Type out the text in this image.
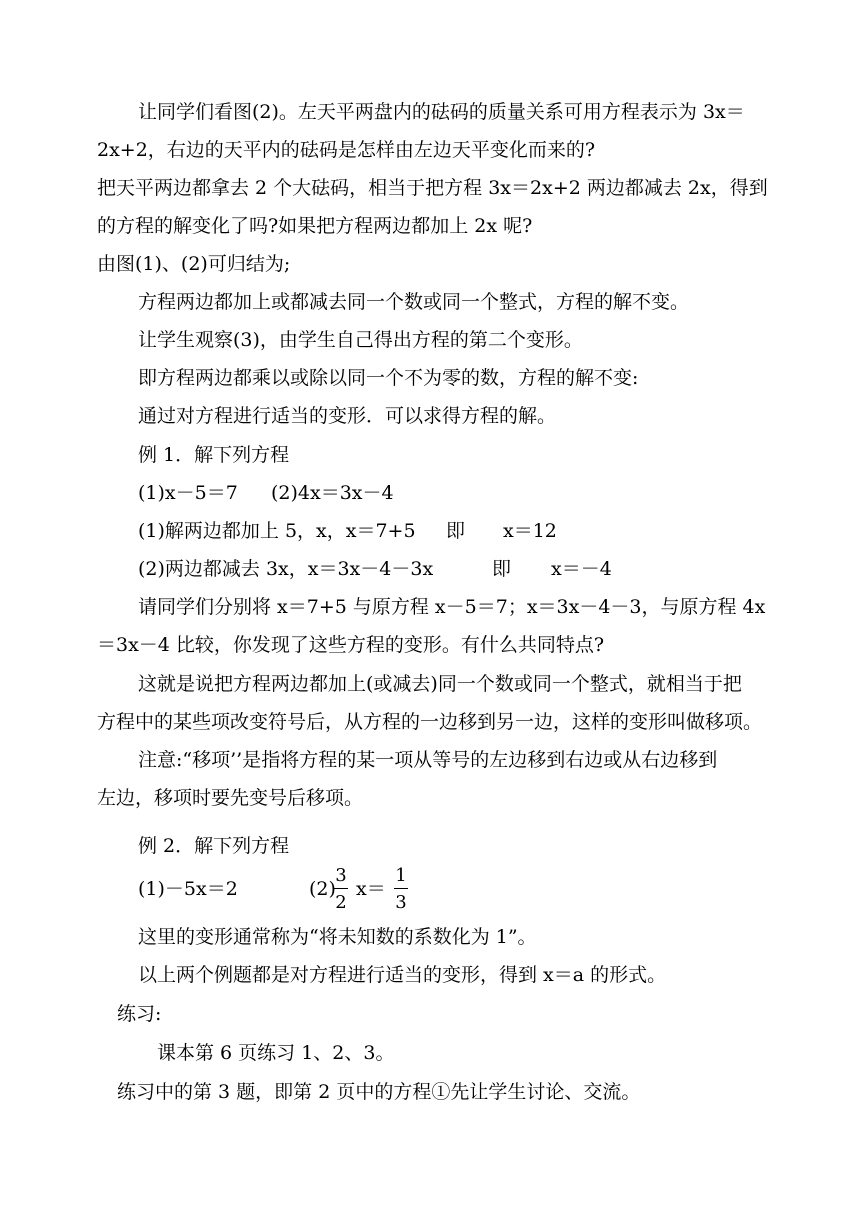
让同学们看图(2)。左天平两盘内的砝码的质量关系可用方程表示为 3x＝
2x+2，右边的天平内的砝码是怎样由左边天平变化而来的?
把天平两边都拿去 2 个大砝码，相当于把方程 3x＝2x+2 两边都减去 2x，得到
的方程的解变化了吗?如果把方程两边都加上 2x 呢?
由图(1)、(2)可归结为;
方程两边都加上或都减去同一个数或同一个整式，方程的解不变。
让学生观察(3)，由学生自己得出方程的第二个变形。
即方程两边都乘以或除以同一个不为零的数，方程的解不变:
通过对方程进行适当的变形．可以求得方程的解。
例 1．解下列方程
(1)x－5＝7 (2)4x＝3x－4
(1)解两边都加上 5，x，x＝7+5 即 x＝12
(2)两边都减去 3x，x＝3x－4－3x	即 x＝－4
请同学们分别将 x＝7+5 与原方程 x－5＝7；x＝3x－4－3，与原方程 4x
＝3x－4 比较，你发现了这些方程的变形。有什么共同特点?
这就是说把方程两边都加上(或减去)同一个数或同一个整式，就相当于把
方程中的某些项改变符号后，从方程的一边移到另一边，这样的变形叫做移项。
注意:“移项’’是指将方程的某一项从等号的左边移到右边或从右边移到
左边，移项时要先变号后移项。
例 2．解下列方程
(1)－5x＝2	(2)
3
2
x＝
1
3
这里的变形通常称为“将未知数的系数化为 1”。
以上两个例题都是对方程进行适当的变形，得到 x＝a 的形式。
练习:
课本第 6 页练习 1、2、3。
练习中的第 3 题，即第 2 页中的方程①先让学生讨论、交流。
